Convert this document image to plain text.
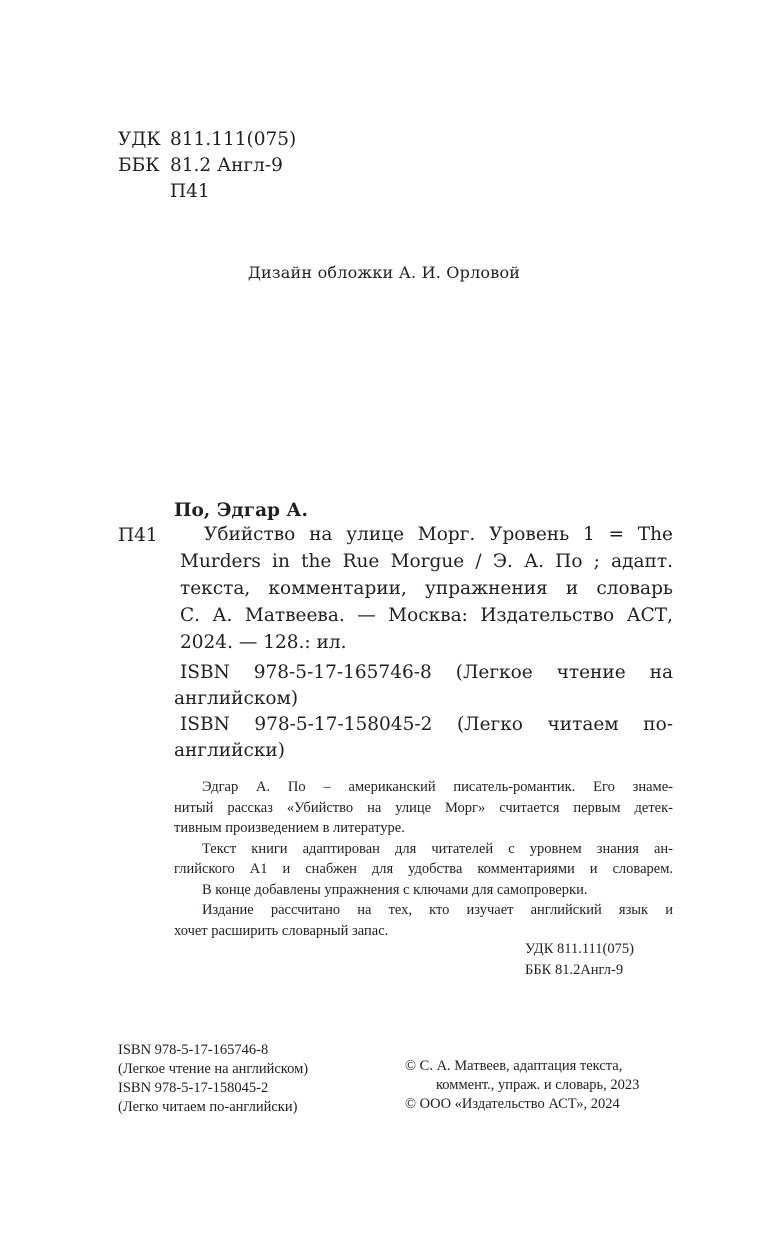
УДК 811.111(075)
ББК 81.2 Англ-9
П41
Дизайн обложки А. И. Орловой
По, Эдгар А.
П41	Убийство на улице Морг. Уровень 1 = The
Murders in the Rue Morgue / Э. А. По ; адапт.
текста, комментарии, упражнения и словарь
С. А. Матвеева. — Москва: Издательство АСТ,
2024. — 128.: ил.
ISBN 978-5-17-165746-8 (Легкое чтение на
английском)
ISBN 978-5-17-158045-2 (Легко читаем по-
английски)
Эдгар А. По – американский писатель-романтик. Его знаме-
нитый рассказ «Убийство на улице Морг» считается первым детек-
тивным произведением в литературе.
Текст книги адаптирован для читателей с уровнем знания ан-
глийского А1 и снабжен для удобства комментариями и словарем.
В конце добавлены упражнения с ключами для самопроверки.
Издание рассчитано на тех, кто изучает английский язык и
хочет расширить словарный запас.
УДК 811.111(075)
ББК 81.2Англ-9
ISBN 978-5-17-165746-8
(Легкое чтение на английском)
ISBN 978-5-17-158045-2
(Легко читаем по-английски)
© С. А. Матвеев, адаптация текста,
коммент., упраж. и словарь, 2023
© ООО «Издательство АСТ», 2024
